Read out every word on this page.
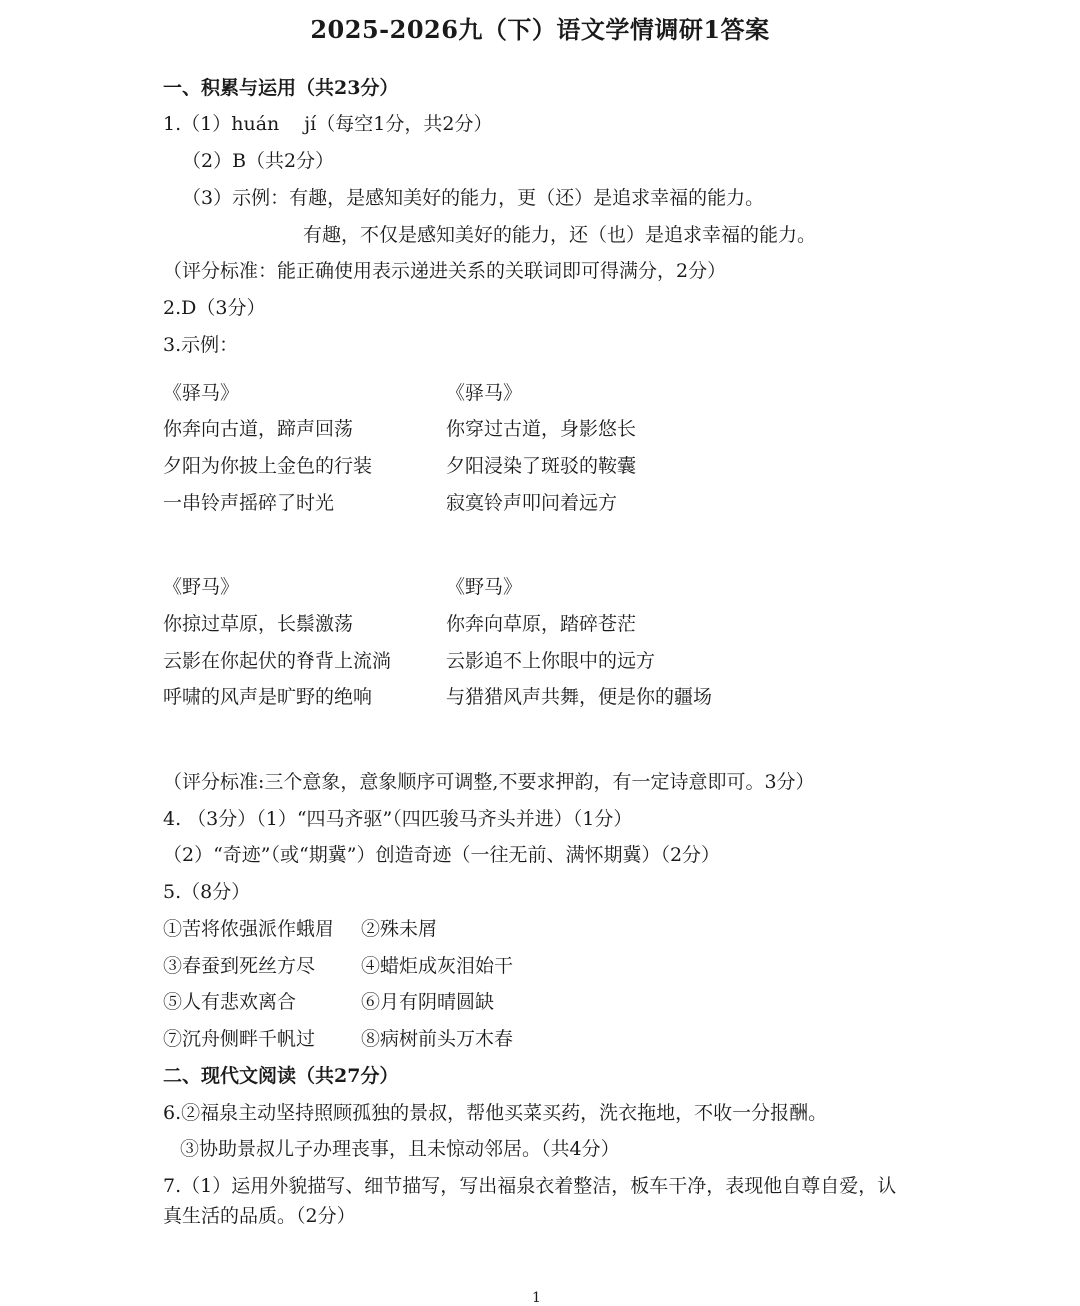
2025-2026九（下）语文学情调研1答案
一、积累与运用（共23分）
1.（1）huán　 jí（每空1分，共2分）
（2）B（共2分）
（3）示例：有趣，是感知美好的能力，更（还）是追求幸福的能力。
有趣，不仅是感知美好的能力，还（也）是追求幸福的能力。
（评分标准：能正确使用表示递进关系的关联词即可得满分，2分）
2.D（3分）
3.示例：
《驿马》
你奔向古道，蹄声回荡
夕阳为你披上金色的行装
一串铃声摇碎了时光
《驿马》
你穿过古道，身影悠长
夕阳浸染了斑驳的鞍囊
寂寞铃声叩问着远方
《野马》
你掠过草原，长鬃激荡
云影在你起伏的脊背上流淌
呼啸的风声是旷野的绝响
《野马》
你奔向草原，踏碎苍茫
云影追不上你眼中的远方
与猎猎风声共舞，便是你的疆场
（评分标准:三个意象，意象顺序可调整,不要求押韵，有一定诗意即可。3分）
4. （3分）（1）“四马齐驱”（四匹骏马齐头并进）（1分）
（2）“奇迹”（或“期冀”）创造奇迹（一往无前、满怀期冀）（2分）
5.（8分）
①苦将侬强派作蛾眉 ②殊未屑
③春蚕到死丝方尽 ④蜡炬成灰泪始干
⑤人有悲欢离合	⑥月有阴晴圆缺
⑦沉舟侧畔千帆过 ⑧病树前头万木春
二、现代文阅读（共27分）
6.②福泉主动坚持照顾孤独的景叔，帮他买菜买药，洗衣拖地，不收一分报酬。
③协助景叔儿子办理丧事，且未惊动邻居。（共4分）
7.（1）运用外貌描写、细节描写，写出福泉衣着整洁，板车干净，表现他自尊自爱，认真生活的品质。（2分）
1
